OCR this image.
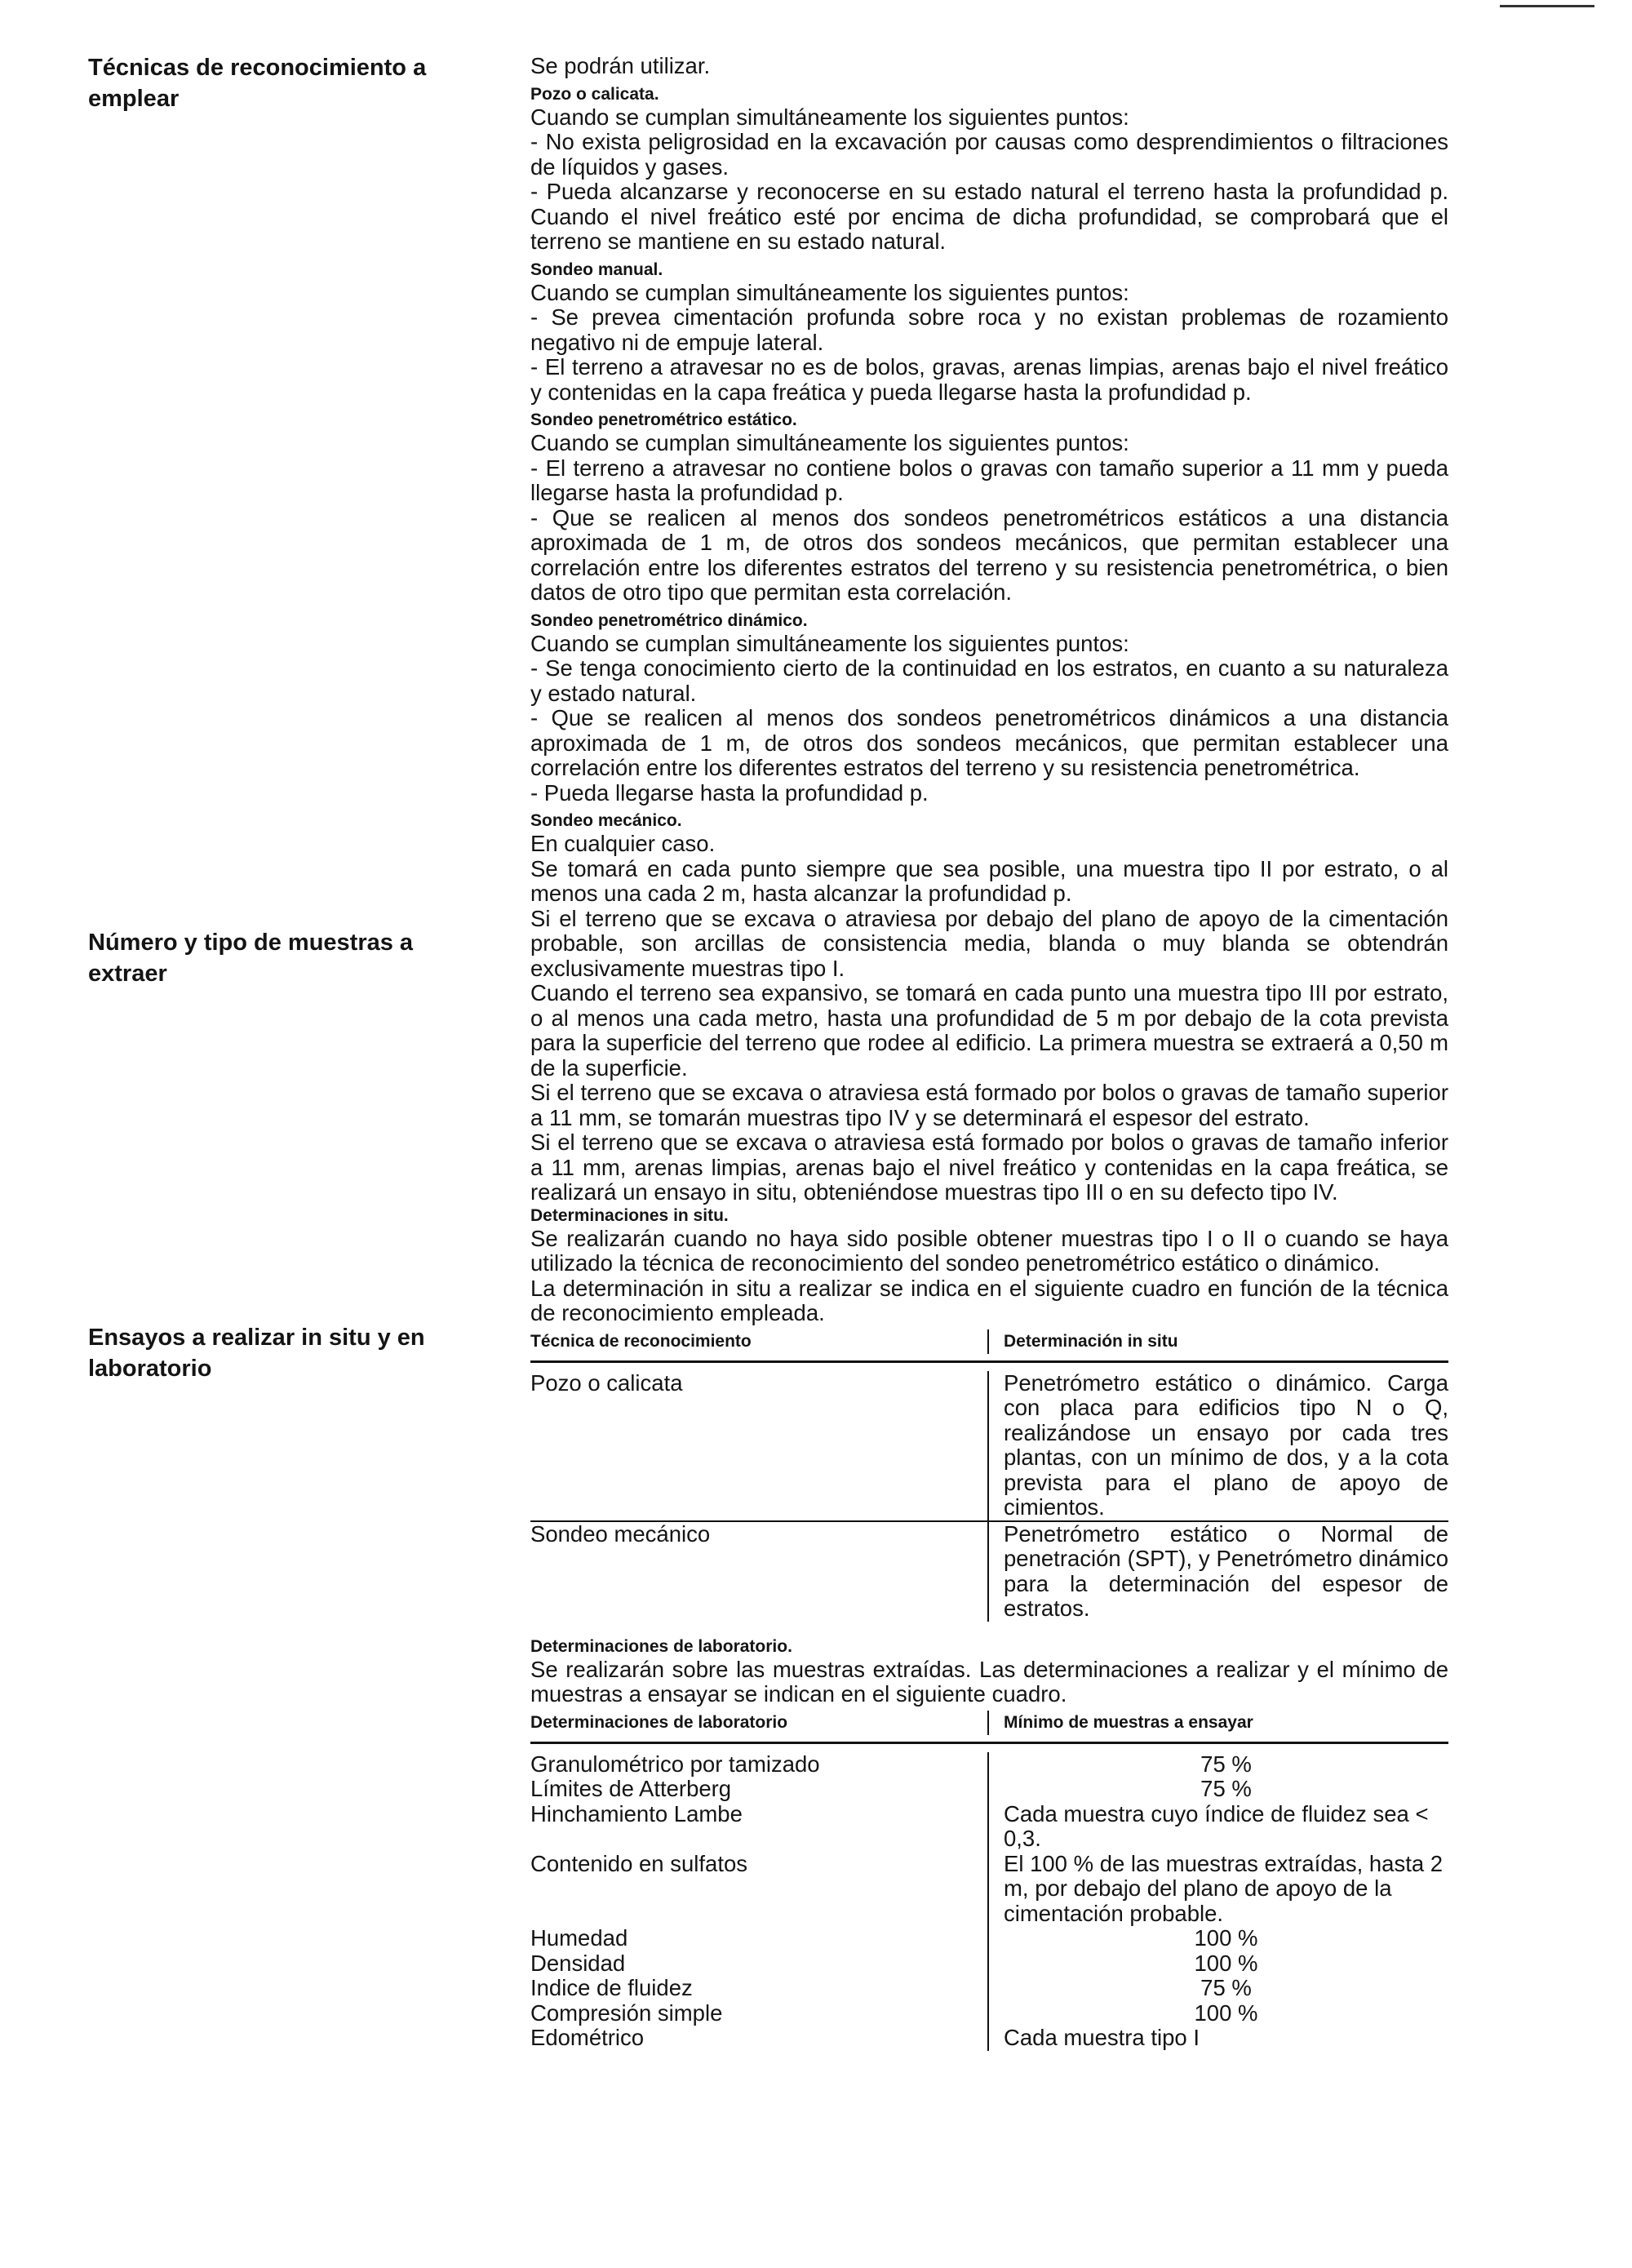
Técnicas de reconocimiento a emplear
Número y tipo de muestras a extraer
Ensayos a realizar in situ y en laboratorio

Se podrán utilizar.

Pozo o calicata.

Cuando se cumplan simultáneamente los siguientes puntos:

- No exista peligrosidad en la excavación por causas como desprendimientos o filtraciones de líquidos y gases.

- Pueda alcanzarse y reconocerse en su estado natural el terreno hasta la profundidad p. Cuando el nivel freático esté por encima de dicha profundidad, se comprobará que el terreno se mantiene en su estado natural.

Sondeo manual.

Cuando se cumplan simultáneamente los siguientes puntos:

- Se prevea cimentación profunda sobre roca y no existan problemas de rozamiento negativo ni de empuje lateral.

- El terreno a atravesar no es de bolos, gravas, arenas limpias, arenas bajo el nivel freático y contenidas en la capa freática y pueda llegarse hasta la profundidad p.

Sondeo penetrométrico estático.

Cuando se cumplan simultáneamente los siguientes puntos:

- El terreno a atravesar no contiene bolos o gravas con tamaño superior a 11 mm y pueda llegarse hasta la profundidad p.

- Que se realicen al menos dos sondeos penetrométricos estáticos a una distancia aproximada de 1 m, de otros dos sondeos mecánicos, que permitan establecer una correlación entre los diferentes estratos del terreno y su resistencia penetrométrica, o bien datos de otro tipo que permitan esta correlación.

Sondeo penetrométrico dinámico.

Cuando se cumplan simultáneamente los siguientes puntos:

- Se tenga conocimiento cierto de la continuidad en los estratos, en cuanto a su naturaleza y estado natural.

- Que se realicen al menos dos sondeos penetrométricos dinámicos a una distancia aproximada de 1 m, de otros dos sondeos mecánicos, que permitan establecer una correlación entre los diferentes estratos del terreno y su resistencia penetrométrica.

- Pueda llegarse hasta la profundidad p.

Sondeo mecánico.

En cualquier caso.

Se tomará en cada punto siempre que sea posible, una muestra tipo II por estrato, o al menos una cada 2 m, hasta alcanzar la profundidad p.

Si el terreno que se excava o atraviesa por debajo del plano de apoyo de la cimentación probable, son arcillas de consistencia media, blanda o muy blanda se obtendrán exclusivamente muestras tipo I.

Cuando el terreno sea expansivo, se tomará en cada punto una muestra tipo III por estrato, o al menos una cada metro, hasta una profundidad de 5 m por debajo de la cota prevista para la superficie del terreno que rodee al edificio. La primera muestra se extraerá a 0,50 m de la superficie.

Si el terreno que se excava o atraviesa está formado por bolos o gravas de tamaño superior a 11 mm, se tomarán muestras tipo IV y se determinará el espesor del estrato.

Si el terreno que se excava o atraviesa está formado por bolos o gravas de tamaño inferior a 11 mm, arenas limpias, arenas bajo el nivel freático y contenidas en la capa freática, se realizará un ensayo in situ, obteniéndose muestras tipo III o en su defecto tipo IV.

Determinaciones in situ.

Se realizarán cuando no haya sido posible obtener muestras tipo I o II o cuando se haya utilizado la técnica de reconocimiento del sondeo penetrométrico estático o dinámico.

La determinación in situ a realizar se indica en el siguiente cuadro en función de la técnica de reconocimiento empleada.

Técnica de reconocimiento	Determinación in situ
Pozo o calicata	Penetrómetro estático o dinámico. Carga con placa para edificios tipo N o Q, realizándose un ensayo por cada tres plantas, con un mínimo de dos, y a la cota prevista para el plano de apoyo de cimientos.

Sondeo mecánico	Penetrómetro estático o Normal de penetración (SPT), y Penetrómetro dinámico para la determinación del espesor de estratos.

Determinaciones de laboratorio.

Se realizarán sobre las muestras extraídas. Las determinaciones a realizar y el mínimo de muestras a ensayar se indican en el siguiente cuadro.

Determinaciones de laboratorio	Mínimo de muestras a ensayar
Granulométrico por tamizado	75 %
Límites de Atterberg	75 %
Hinchamiento Lambe	Cada muestra cuyo índice de fluidez sea < 0,3.
Contenido en sulfatos	El 100 % de las muestras extraídas, hasta 2 m, por debajo del plano de apoyo de la cimentación probable.
Humedad	100 %
Densidad	100 %
Indice de fluidez	75 %
Compresión simple	100 %
Edométrico	Cada muestra tipo I
